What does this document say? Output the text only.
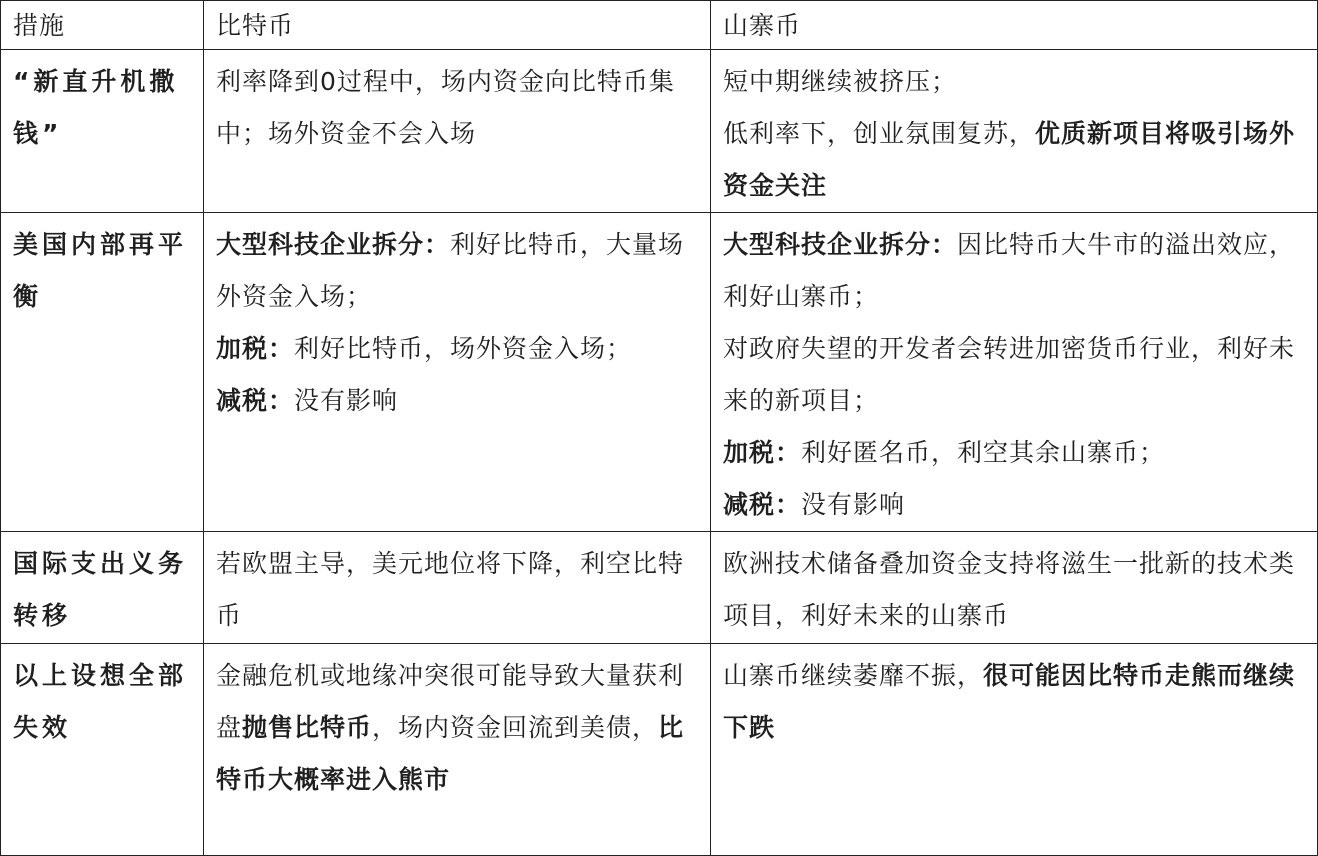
措施	比特币	山寨币
“新直升机撒钱”	利率降到0过程中，场内资金向比特币集中；场外资金不会入场	短中期继续被挤压；
低利率下，创业氛围复苏，优质新项目将吸引场外资金关注

美国内部再平衡	大型科技企业拆分：利好比特币，大量场外资金入场；
加税：利好比特币，场外资金入场；
减税：没有影响	大型科技企业拆分：因比特币大牛市的溢出效应，利好山寨币；
对政府失望的开发者会转进加密货币行业，利好未来的新项目；
加税：利好匿名币，利空其余山寨币；
减税：没有影响

国际支出义务转移	若欧盟主导，美元地位将下降，利空比特币	欧洲技术储备叠加资金支持将滋生一批新的技术类项目，利好未来的山寨币

以上设想全部失效	金融危机或地缘冲突很可能导致大量获利盘抛售比特币，场内资金回流到美债，比特币大概率进入熊市	山寨币继续萎靡不振，很可能因比特币走熊而继续下跌
